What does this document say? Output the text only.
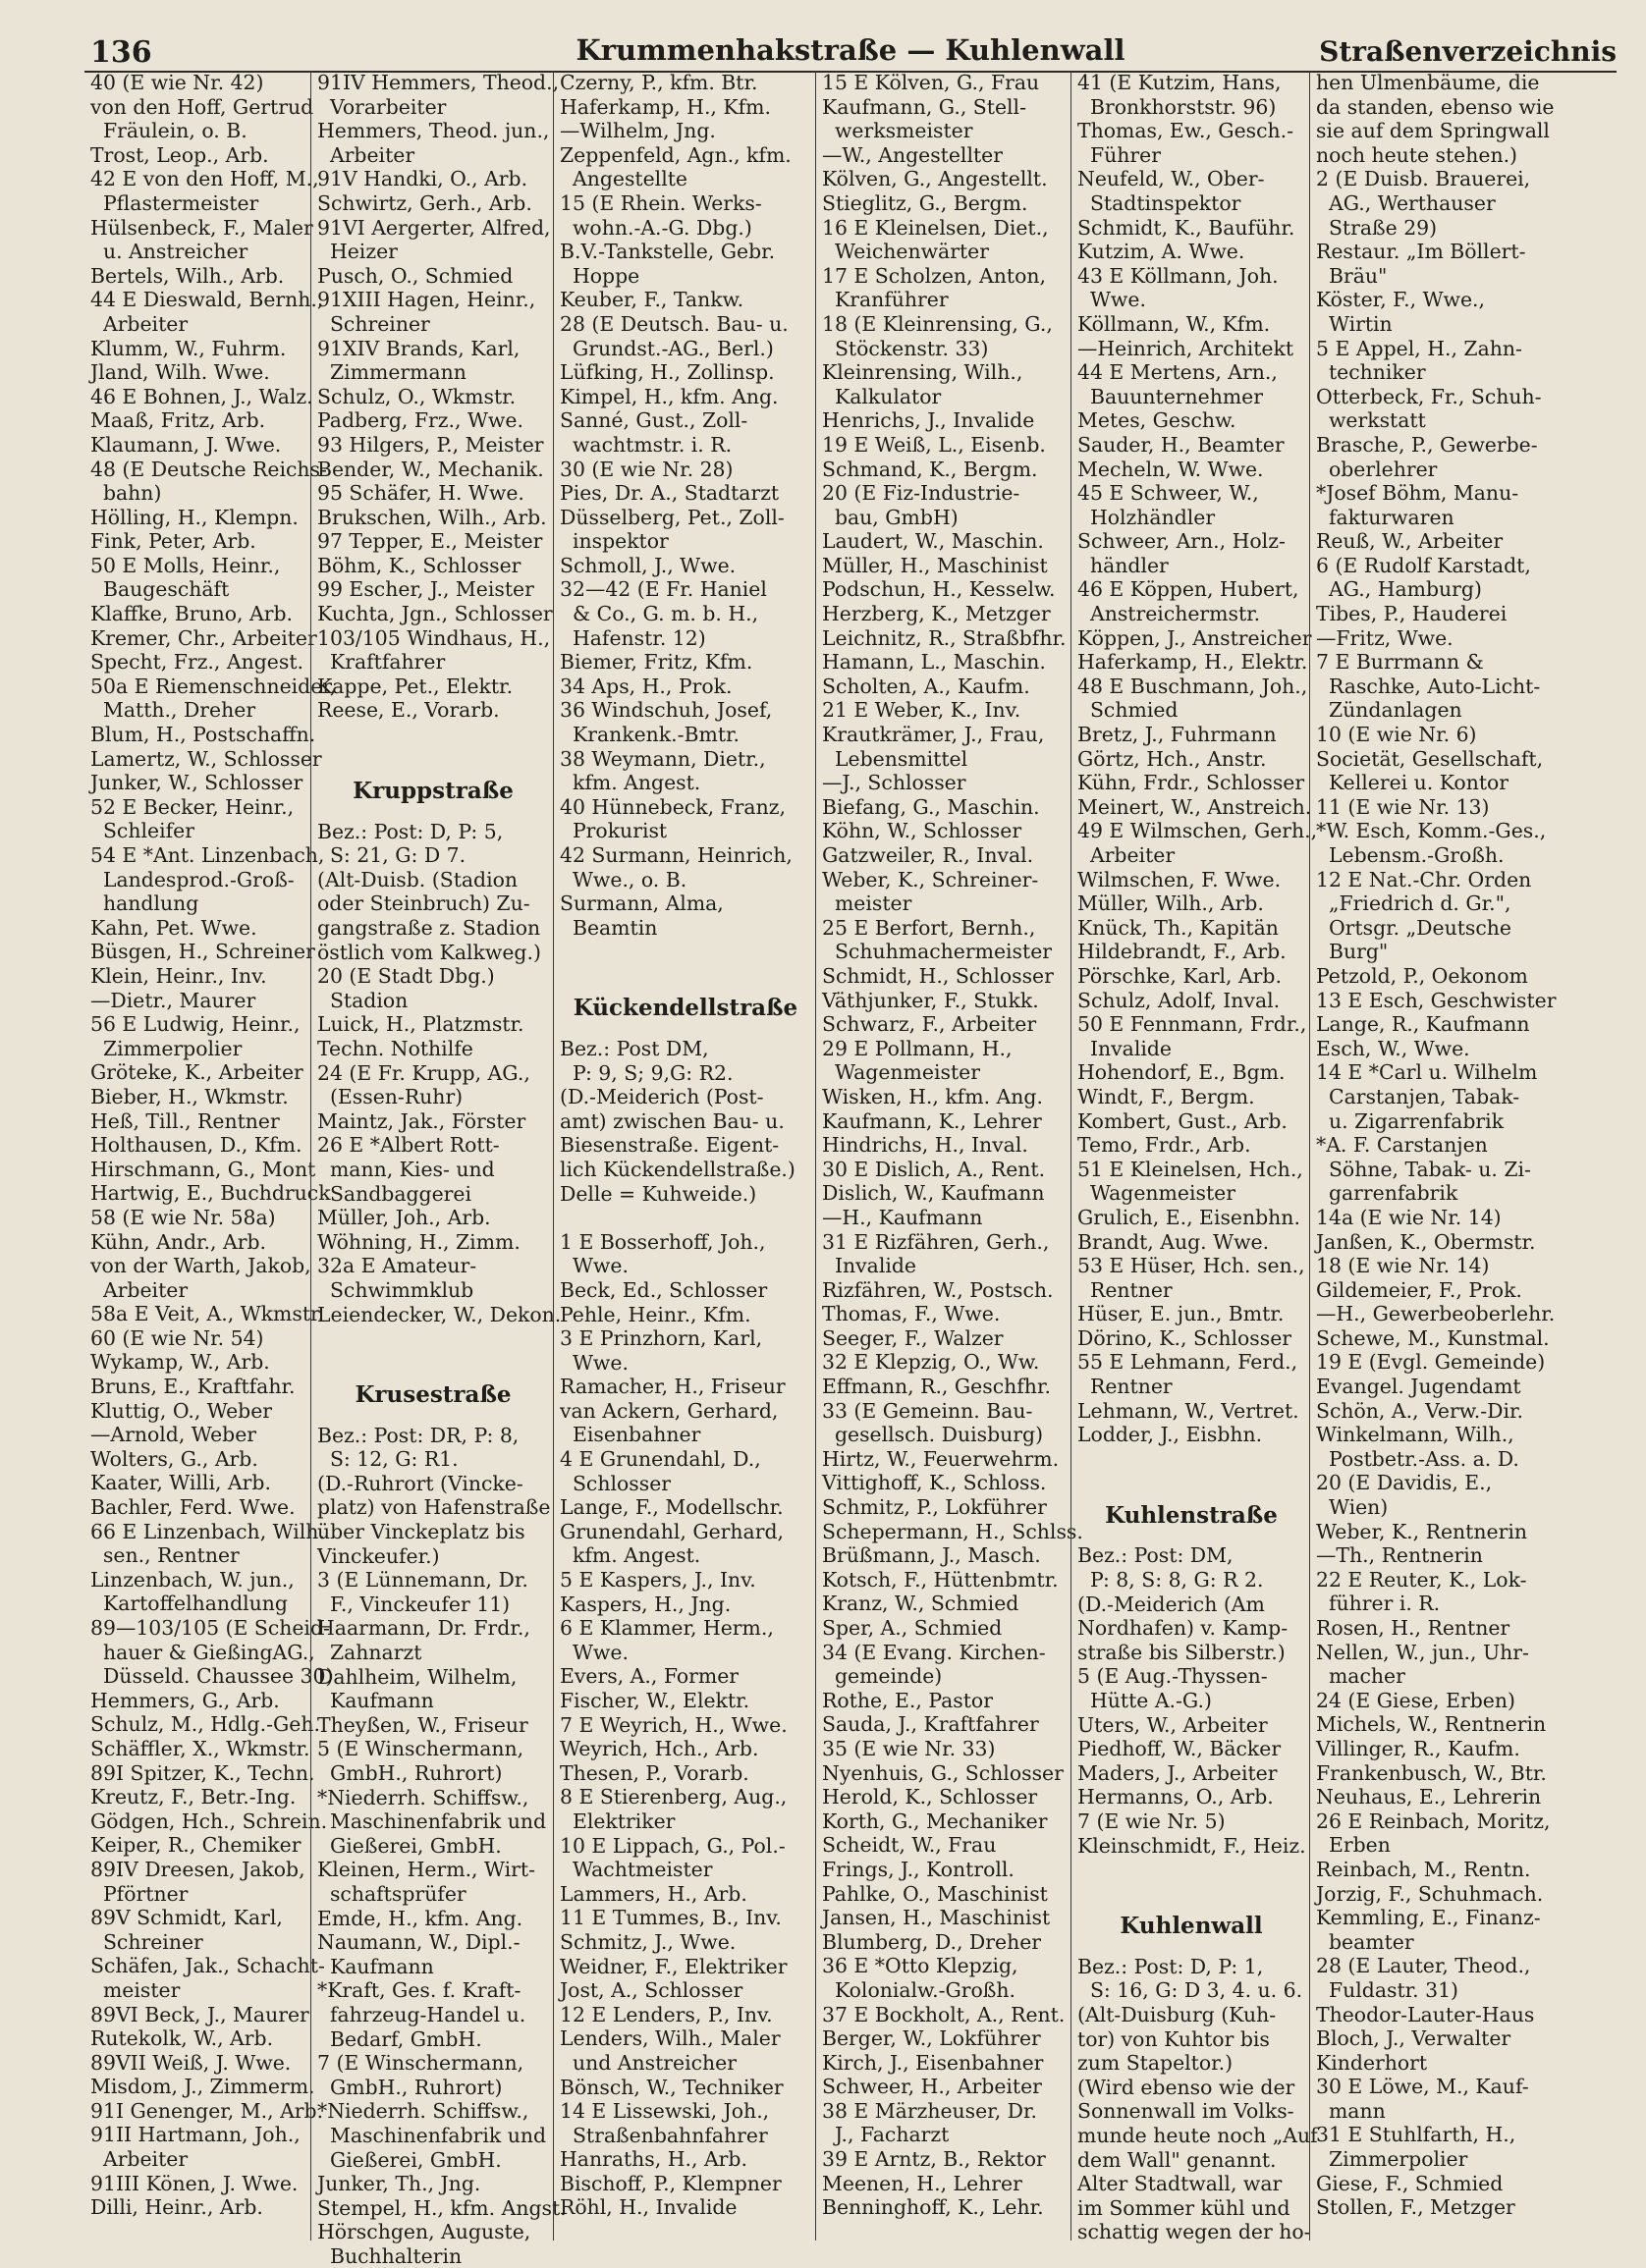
136	Krummenhakstraße — Kuhlenwall	Straßenverzeichnis

40 (E wie Nr. 42)

von den Hoff, Gertrud

Fräulein, o. B.

Trost, Leop., Arb.

42 E von den Hoff, M.,

Pflastermeister

Hülsenbeck, F., Maler

u. Anstreicher

Bertels, Wilh., Arb.

44 E Dieswald, Bernh.,

Arbeiter

Klumm, W., Fuhrm.

Jland, Wilh. Wwe.

46 E Bohnen, J., Walz.

Maaß, Fritz, Arb.

Klaumann, J. Wwe.

48 (E Deutsche Reichs-

bahn)

Hölling, H., Klempn.

Fink, Peter, Arb.

50 E Molls, Heinr.,

Baugeschäft

Klaffke, Bruno, Arb.

Kremer, Chr., Arbeiter

Specht, Frz., Angest.

50a E Riemenschneider,

Matth., Dreher

Blum, H., Postschaffn.

Lamertz, W., Schlosser

Junker, W., Schlosser

52 E Becker, Heinr.,

Schleifer

54 E *Ant. Linzenbach,

Landesprod.-Groß-

handlung

Kahn, Pet. Wwe.

Büsgen, H., Schreiner

Klein, Heinr., Inv.

—Dietr., Maurer

56 E Ludwig, Heinr.,

Zimmerpolier

Gröteke, K., Arbeiter

Bieber, H., Wkmstr.

Heß, Till., Rentner

Holthausen, D., Kfm.

Hirschmann, G., Mont

Hartwig, E., Buchdruck

58 (E wie Nr. 58a)

Kühn, Andr., Arb.

von der Warth, Jakob,

Arbeiter

58a E Veit, A., Wkmstr.

60 (E wie Nr. 54)

Wykamp, W., Arb.

Bruns, E., Kraftfahr.

Kluttig, O., Weber

—Arnold, Weber

Wolters, G., Arb.

Kaater, Willi, Arb.

Bachler, Ferd. Wwe.

66 E Linzenbach, Wilh.

sen., Rentner

Linzenbach, W. jun.,

Kartoffelhandlung

89—103/105 (E Scheid-

hauer & GießingAG.,

Düsseld. Chaussee 30)

Hemmers, G., Arb.

Schulz, M., Hdlg.-Geh.

Schäffler, X., Wkmstr.

89I Spitzer, K., Techn.

Kreutz, F., Betr.-Ing.

Gödgen, Hch., Schrein.

Keiper, R., Chemiker

89IV Dreesen, Jakob,

Pförtner

89V Schmidt, Karl,

Schreiner

Schäfen, Jak., Schacht-

meister

89VI Beck, J., Maurer

Rutekolk, W., Arb.

89VII Weiß, J. Wwe.

Misdom, J., Zimmerm.

91I Genenger, M., Arb.

91II Hartmann, Joh.,

Arbeiter

91III Könen, J. Wwe.

Dilli, Heinr., Arb.

91IV Hemmers, Theod.,

Vorarbeiter

Hemmers, Theod. jun.,

Arbeiter

91V Handki, O., Arb.

Schwirtz, Gerh., Arb.

91VI Aergerter, Alfred,

Heizer

Pusch, O., Schmied

91XIII Hagen, Heinr.,

Schreiner

91XIV Brands, Karl,

Zimmermann

Schulz, O., Wkmstr.

Padberg, Frz., Wwe.

93 Hilgers, P., Meister

Bender, W., Mechanik.

95 Schäfer, H. Wwe.

Brukschen, Wilh., Arb.

97 Tepper, E., Meister

Böhm, K., Schlosser

99 Escher, J., Meister

Kuchta, Jgn., Schlosser

103/105 Windhaus, H.,

Kraftfahrer

Kappe, Pet., Elektr.

Reese, E., Vorarb.

Kruppstraße

Bez.: Post: D, P: 5,

S: 21, G: D 7.

(Alt-Duisb. (Stadion

oder Steinbruch) Zu-

gangstraße z. Stadion

östlich vom Kalkweg.)

20 (E Stadt Dbg.)

Stadion

Luick, H., Platzmstr.

Techn. Nothilfe

24 (E Fr. Krupp, AG.,

(Essen-Ruhr)

Maintz, Jak., Förster

26 E *Albert Rott-

mann, Kies- und

Sandbaggerei

Müller, Joh., Arb.

Wöhning, H., Zimm.

32a E Amateur-

Schwimmklub

Leiendecker, W., Dekon.

Krusestraße

Bez.: Post: DR, P: 8,

S: 12, G: R1.

(D.-Ruhrort (Vincke-

platz) von Hafenstraße

über Vinckeplatz bis

Vinckeufer.)

3 (E Lünnemann, Dr.

F., Vinckeufer 11)

Haarmann, Dr. Frdr.,

Zahnarzt

Dahlheim, Wilhelm,

Kaufmann

Theyßen, W., Friseur

5 (E Winschermann,

GmbH., Ruhrort)

*Niederrh. Schiffsw.,

Maschinenfabrik und

Gießerei, GmbH.

Kleinen, Herm., Wirt-

schaftsprüfer

Emde, H., kfm. Ang.

Naumann, W., Dipl.-

Kaufmann

*Kraft, Ges. f. Kraft-

fahrzeug-Handel u.

Bedarf, GmbH.

7 (E Winschermann,

GmbH., Ruhrort)

*Niederrh. Schiffsw.,

Maschinenfabrik und

Gießerei, GmbH.

Junker, Th., Jng.

Stempel, H., kfm. Angst.

Hörschgen, Auguste,

Buchhalterin

Czerny, P., kfm. Btr.

Haferkamp, H., Kfm.

—Wilhelm, Jng.

Zeppenfeld, Agn., kfm.

Angestellte

15 (E Rhein. Werks-

wohn.-A.-G. Dbg.)

B.V.-Tankstelle, Gebr.

Hoppe

Keuber, F., Tankw.

28 (E Deutsch. Bau- u.

Grundst.-AG., Berl.)

Lüfking, H., Zollinsp.

Kimpel, H., kfm. Ang.

Sanné, Gust., Zoll-

wachtmstr. i. R.

30 (E wie Nr. 28)

Pies, Dr. A., Stadtarzt

Düsselberg, Pet., Zoll-

inspektor

Schmoll, J., Wwe.

32—42 (E Fr. Haniel

& Co., G. m. b. H.,

Hafenstr. 12)

Biemer, Fritz, Kfm.

34 Aps, H., Prok.

36 Windschuh, Josef,

Krankenk.-Bmtr.

38 Weymann, Dietr.,

kfm. Angest.

40 Hünnebeck, Franz,

Prokurist

42 Surmann, Heinrich,

Wwe., o. B.

Surmann, Alma,

Beamtin

Kückendellstraße

Bez.: Post DM,

P: 9, S; 9,G: R2.

(D.-Meiderich (Post-

amt) zwischen Bau- u.

Biesenstraße. Eigent-

lich Kückendellstraße.)

Delle = Kuhweide.)

1 E Bosserhoff, Joh.,

Wwe.

Beck, Ed., Schlosser

Pehle, Heinr., Kfm.

3 E Prinzhorn, Karl,

Wwe.

Ramacher, H., Friseur

van Ackern, Gerhard,

Eisenbahner

4 E Grunendahl, D.,

Schlosser

Lange, F., Modellschr.

Grunendahl, Gerhard,

kfm. Angest.

5 E Kaspers, J., Inv.

Kaspers, H., Jng.

6 E Klammer, Herm.,

Wwe.

Evers, A., Former

Fischer, W., Elektr.

7 E Weyrich, H., Wwe.

Weyrich, Hch., Arb.

Thesen, P., Vorarb.

8 E Stierenberg, Aug.,

Elektriker

10 E Lippach, G., Pol.-

Wachtmeister

Lammers, H., Arb.

11 E Tummes, B., Inv.

Schmitz, J., Wwe.

Weidner, F., Elektriker

Jost, A., Schlosser

12 E Lenders, P., Inv.

Lenders, Wilh., Maler

und Anstreicher

Bönsch, W., Techniker

14 E Lissewski, Joh.,

Straßenbahnfahrer

Hanraths, H., Arb.

Bischoff, P., Klempner

Röhl, H., Invalide

15 E Kölven, G., Frau

Kaufmann, G., Stell-

werksmeister

—W., Angestellter

Kölven, G., Angestellt.

Stieglitz, G., Bergm.

16 E Kleinelsen, Diet.,

Weichenwärter

17 E Scholzen, Anton,

Kranführer

18 (E Kleinrensing, G.,

Stöckenstr. 33)

Kleinrensing, Wilh.,

Kalkulator

Henrichs, J., Invalide

19 E Weiß, L., Eisenb.

Schmand, K., Bergm.

20 (E Fiz-Industrie-

bau, GmbH)

Laudert, W., Maschin.

Müller, H., Maschinist

Podschun, H., Kesselw.

Herzberg, K., Metzger

Leichnitz, R., Straßbfhr.

Hamann, L., Maschin.

Scholten, A., Kaufm.

21 E Weber, K., Inv.

Krautkrämer, J., Frau,

Lebensmittel

—J., Schlosser

Biefang, G., Maschin.

Köhn, W., Schlosser

Gatzweiler, R., Inval.

Weber, K., Schreiner-

meister

25 E Berfort, Bernh.,

Schuhmachermeister

Schmidt, H., Schlosser

Väthjunker, F., Stukk.

Schwarz, F., Arbeiter

29 E Pollmann, H.,

Wagenmeister

Wisken, H., kfm. Ang.

Kaufmann, K., Lehrer

Hindrichs, H., Inval.

30 E Dislich, A., Rent.

Dislich, W., Kaufmann

—H., Kaufmann

31 E Rizfähren, Gerh.,

Invalide

Rizfähren, W., Postsch.

Thomas, F., Wwe.

Seeger, F., Walzer

32 E Klepzig, O., Ww.

Effmann, R., Geschfhr.

33 (E Gemeinn. Bau-

gesellsch. Duisburg)

Hirtz, W., Feuerwehrm.

Vittighoff, K., Schloss.

Schmitz, P., Lokführer

Schepermann, H., Schlss.

Brüßmann, J., Masch.

Kotsch, F., Hüttenbmtr.

Kranz, W., Schmied

Sper, A., Schmied

34 (E Evang. Kirchen-

gemeinde)

Rothe, E., Pastor

Sauda, J., Kraftfahrer

35 (E wie Nr. 33)

Nyenhuis, G., Schlosser

Herold, K., Schlosser

Korth, G., Mechaniker

Scheidt, W., Frau

Frings, J., Kontroll.

Pahlke, O., Maschinist

Jansen, H., Maschinist

Blumberg, D., Dreher

36 E *Otto Klepzig,

Kolonialw.-Großh.

37 E Bockholt, A., Rent.

Berger, W., Lokführer

Kirch, J., Eisenbahner

Schweer, H., Arbeiter

38 E Märzheuser, Dr.

J., Facharzt

39 E Arntz, B., Rektor

Meenen, H., Lehrer

Benninghoff, K., Lehr.

41 (E Kutzim, Hans,

Bronkhorststr. 96)

Thomas, Ew., Gesch.-

Führer

Neufeld, W., Ober-

Stadtinspektor

Schmidt, K., Bauführ.

Kutzim, A. Wwe.

43 E Köllmann, Joh.

Wwe.

Köllmann, W., Kfm.

—Heinrich, Architekt

44 E Mertens, Arn.,

Bauunternehmer

Metes, Geschw.

Sauder, H., Beamter

Mecheln, W. Wwe.

45 E Schweer, W.,

Holzhändler

Schweer, Arn., Holz-

händler

46 E Köppen, Hubert,

Anstreichermstr.

Köppen, J., Anstreicher

Haferkamp, H., Elektr.

48 E Buschmann, Joh.,

Schmied

Bretz, J., Fuhrmann

Görtz, Hch., Anstr.

Kühn, Frdr., Schlosser

Meinert, W., Anstreich.

49 E Wilmschen, Gerh.,

Arbeiter

Wilmschen, F. Wwe.

Müller, Wilh., Arb.

Knück, Th., Kapitän

Hildebrandt, F., Arb.

Pörschke, Karl, Arb.

Schulz, Adolf, Inval.

50 E Fennmann, Frdr.,

Invalide

Hohendorf, E., Bgm.

Windt, F., Bergm.

Kombert, Gust., Arb.

Temo, Frdr., Arb.

51 E Kleinelsen, Hch.,

Wagenmeister

Grulich, E., Eisenbhn.

Brandt, Aug. Wwe.

53 E Hüser, Hch. sen.,

Rentner

Hüser, E. jun., Bmtr.

Dörino, K., Schlosser

55 E Lehmann, Ferd.,

Rentner

Lehmann, W., Vertret.

Lodder, J., Eisbhn.

Kuhlenstraße

Bez.: Post: DM,

P: 8, S: 8, G: R 2.

(D.-Meiderich (Am

Nordhafen) v. Kamp-

straße bis Silberstr.)

5 (E Aug.-Thyssen-

Hütte A.-G.)

Uters, W., Arbeiter

Piedhoff, W., Bäcker

Maders, J., Arbeiter

Hermanns, O., Arb.

7 (E wie Nr. 5)

Kleinschmidt, F., Heiz.

Kuhlenwall

Bez.: Post: D, P: 1,

S: 16, G: D 3, 4. u. 6.

(Alt-Duisburg (Kuh-

tor) von Kuhtor bis

zum Stapeltor.)

(Wird ebenso wie der

Sonnenwall im Volks-

munde heute noch „Auf

dem Wall" genannt.

Alter Stadtwall, war

im Sommer kühl und

schattig wegen der ho-

hen Ulmenbäume, die

da standen, ebenso wie

sie auf dem Springwall

noch heute stehen.)

2 (E Duisb. Brauerei,

AG., Werthauser

Straße 29)

Restaur. „Im Böllert-

Bräu"

Köster, F., Wwe.,

Wirtin

5 E Appel, H., Zahn-

techniker

Otterbeck, Fr., Schuh-

werkstatt

Brasche, P., Gewerbe-

oberlehrer

*Josef Böhm, Manu-

fakturwaren

Reuß, W., Arbeiter

6 (E Rudolf Karstadt,

AG., Hamburg)

Tibes, P., Hauderei

—Fritz, Wwe.

7 E Burrmann &

Raschke, Auto-Licht-

Zündanlagen

10 (E wie Nr. 6)

Societät, Gesellschaft,

Kellerei u. Kontor

11 (E wie Nr. 13)

*W. Esch, Komm.-Ges.,

Lebensm.-Großh.

12 E Nat.-Chr. Orden

„Friedrich d. Gr.",

Ortsgr. „Deutsche

Burg"

Petzold, P., Oekonom

13 E Esch, Geschwister

Lange, R., Kaufmann

Esch, W., Wwe.

14 E *Carl u. Wilhelm

Carstanjen, Tabak-

u. Zigarrenfabrik

*A. F. Carstanjen

Söhne, Tabak- u. Zi-

garrenfabrik

14a (E wie Nr. 14)

Janßen, K., Obermstr.

18 (E wie Nr. 14)

Gildemeier, F., Prok.

—H., Gewerbeoberlehr.

Schewe, M., Kunstmal.

19 E (Evgl. Gemeinde)

Evangel. Jugendamt

Schön, A., Verw.-Dir.

Winkelmann, Wilh.,

Postbetr.-Ass. a. D.

20 (E Davidis, E.,

Wien)

Weber, K., Rentnerin

—Th., Rentnerin

22 E Reuter, K., Lok-

führer i. R.

Rosen, H., Rentner

Nellen, W., jun., Uhr-

macher

24 (E Giese, Erben)

Michels, W., Rentnerin

Villinger, R., Kaufm.

Frankenbusch, W., Btr.

Neuhaus, E., Lehrerin

26 E Reinbach, Moritz,

Erben

Reinbach, M., Rentn.

Jorzig, F., Schuhmach.

Kemmling, E., Finanz-

beamter

28 (E Lauter, Theod.,

Fuldastr. 31)

Theodor-Lauter-Haus

Bloch, J., Verwalter

Kinderhort

30 E Löwe, M., Kauf-

mann

31 E Stuhlfarth, H.,

Zimmerpolier

Giese, F., Schmied

Stollen, F., Metzger
